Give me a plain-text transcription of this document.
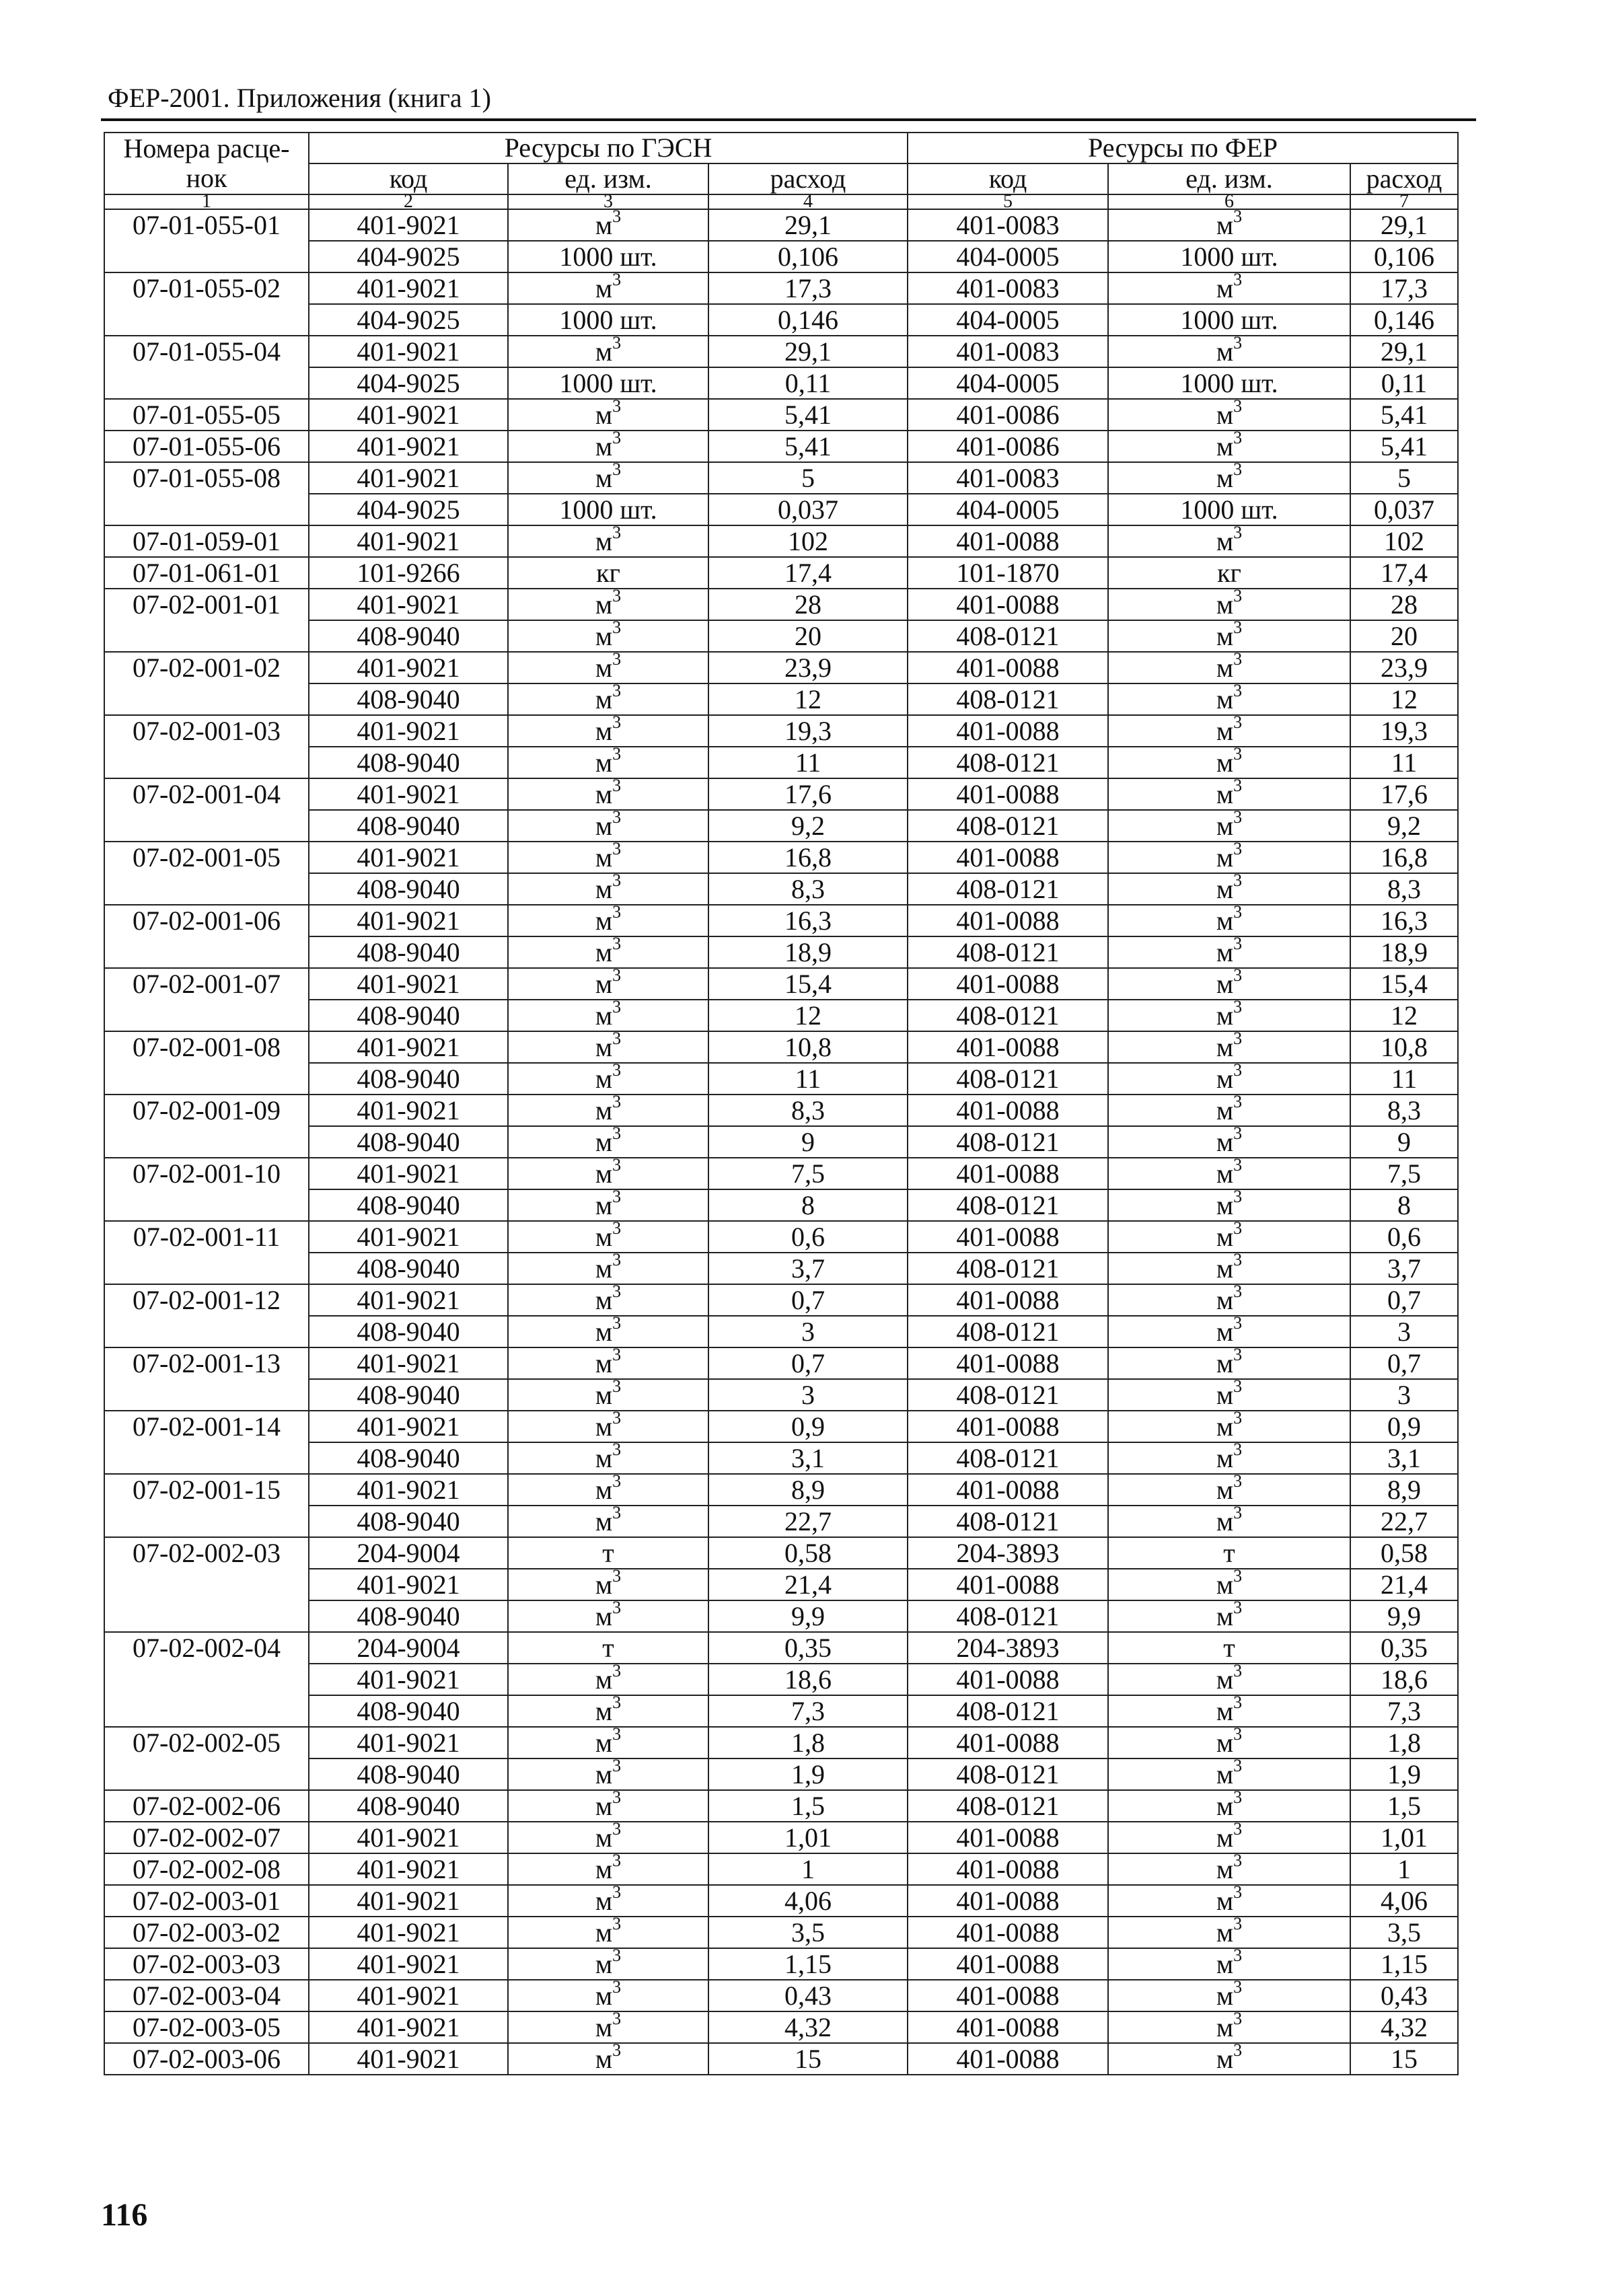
ФЕР-2001. Приложения (книга 1)
Номера расце-
нок	Ресурсы по ГЭСН			Ресурсы по ФЕР		
	код	ед. изм.	расход	код	ед. изм.	расход
1	2	3	4	5	6	7
07-01-055-01	401-9021	$м^3$	29,1	401-0083	$м^3$	29,1
	404-9025	1000 шт.	0,106	404-0005	1000 шт.	0,106
07-01-055-02	401-9021	$м^3$	17,3	401-0083	$м^3$	17,3
	404-9025	1000 шт.	0,146	404-0005	1000 шт.	0,146
07-01-055-04	401-9021	$м^3$	29,1	401-0083	$м^3$	29,1
	404-9025	1000 шт.	0,11	404-0005	1000 шт.	0,11
07-01-055-05	401-9021	$м^3$	5,41	401-0086	$м^3$	5,41
07-01-055-06	401-9021	$м^3$	5,41	401-0086	$м^3$	5,41
07-01-055-08	401-9021	$м^3$	5	401-0083	$м^3$	5
	404-9025	1000 шт.	0,037	404-0005	1000 шт.	0,037
07-01-059-01	401-9021	$м^3$	102	401-0088	$м^3$	102
07-01-061-01	101-9266	кг	17,4	101-1870	кг	17,4
07-02-001-01	401-9021	$м^3$	28	401-0088	$м^3$	28
	408-9040	$м^3$	20	408-0121	$м^3$	20
07-02-001-02	401-9021	$м^3$	23,9	401-0088	$м^3$	23,9
	408-9040	$м^3$	12	408-0121	$м^3$	12
07-02-001-03	401-9021	$м^3$	19,3	401-0088	$м^3$	19,3
	408-9040	$м^3$	11	408-0121	$м^3$	11
07-02-001-04	401-9021	$м^3$	17,6	401-0088	$м^3$	17,6
	408-9040	$м^3$	9,2	408-0121	$м^3$	9,2
07-02-001-05	401-9021	$м^3$	16,8	401-0088	$м^3$	16,8
	408-9040	$м^3$	8,3	408-0121	$м^3$	8,3
07-02-001-06	401-9021	$м^3$	16,3	401-0088	$м^3$	16,3
	408-9040	$м^3$	18,9	408-0121	$м^3$	18,9
07-02-001-07	401-9021	$м^3$	15,4	401-0088	$м^3$	15,4
	408-9040	$м^3$	12	408-0121	$м^3$	12
07-02-001-08	401-9021	$м^3$	10,8	401-0088	$м^3$	10,8
	408-9040	$м^3$	11	408-0121	$м^3$	11
07-02-001-09	401-9021	$м^3$	8,3	401-0088	$м^3$	8,3
	408-9040	$м^3$	9	408-0121	$м^3$	9
07-02-001-10	401-9021	$м^3$	7,5	401-0088	$м^3$	7,5
	408-9040	$м^3$	8	408-0121	$м^3$	8
07-02-001-11	401-9021	$м^3$	0,6	401-0088	$м^3$	0,6
	408-9040	$м^3$	3,7	408-0121	$м^3$	3,7
07-02-001-12	401-9021	$м^3$	0,7	401-0088	$м^3$	0,7
	408-9040	$м^3$	3	408-0121	$м^3$	3
07-02-001-13	401-9021	$м^3$	0,7	401-0088	$м^3$	0,7
	408-9040	$м^3$	3	408-0121	$м^3$	3
07-02-001-14	401-9021	$м^3$	0,9	401-0088	$м^3$	0,9
	408-9040	$м^3$	3,1	408-0121	$м^3$	3,1
07-02-001-15	401-9021	$м^3$	8,9	401-0088	$м^3$	8,9
	408-9040	$м^3$	22,7	408-0121	$м^3$	22,7
07-02-002-03	204-9004	т	0,58	204-3893	т	0,58
	401-9021	$м^3$	21,4	401-0088	$м^3$	21,4
	408-9040	$м^3$	9,9	408-0121	$м^3$	9,9
07-02-002-04	204-9004	т	0,35	204-3893	т	0,35
	401-9021	$м^3$	18,6	401-0088	$м^3$	18,6
	408-9040	$м^3$	7,3	408-0121	$м^3$	7,3
07-02-002-05	401-9021	$м^3$	1,8	401-0088	$м^3$	1,8
	408-9040	$м^3$	1,9	408-0121	$м^3$	1,9
07-02-002-06	408-9040	$м^3$	1,5	408-0121	$м^3$	1,5
07-02-002-07	401-9021	$м^3$	1,01	401-0088	$м^3$	1,01
07-02-002-08	401-9021	$м^3$	1	401-0088	$м^3$	1
07-02-003-01	401-9021	$м^3$	4,06	401-0088	$м^3$	4,06
07-02-003-02	401-9021	$м^3$	3,5	401-0088	$м^3$	3,5
07-02-003-03	401-9021	$м^3$	1,15	401-0088	$м^3$	1,15
07-02-003-04	401-9021	$м^3$	0,43	401-0088	$м^3$	0,43
07-02-003-05	401-9021	$м^3$	4,32	401-0088	$м^3$	4,32
07-02-003-06	401-9021	$м^3$	15	401-0088	$м^3$	15
116
